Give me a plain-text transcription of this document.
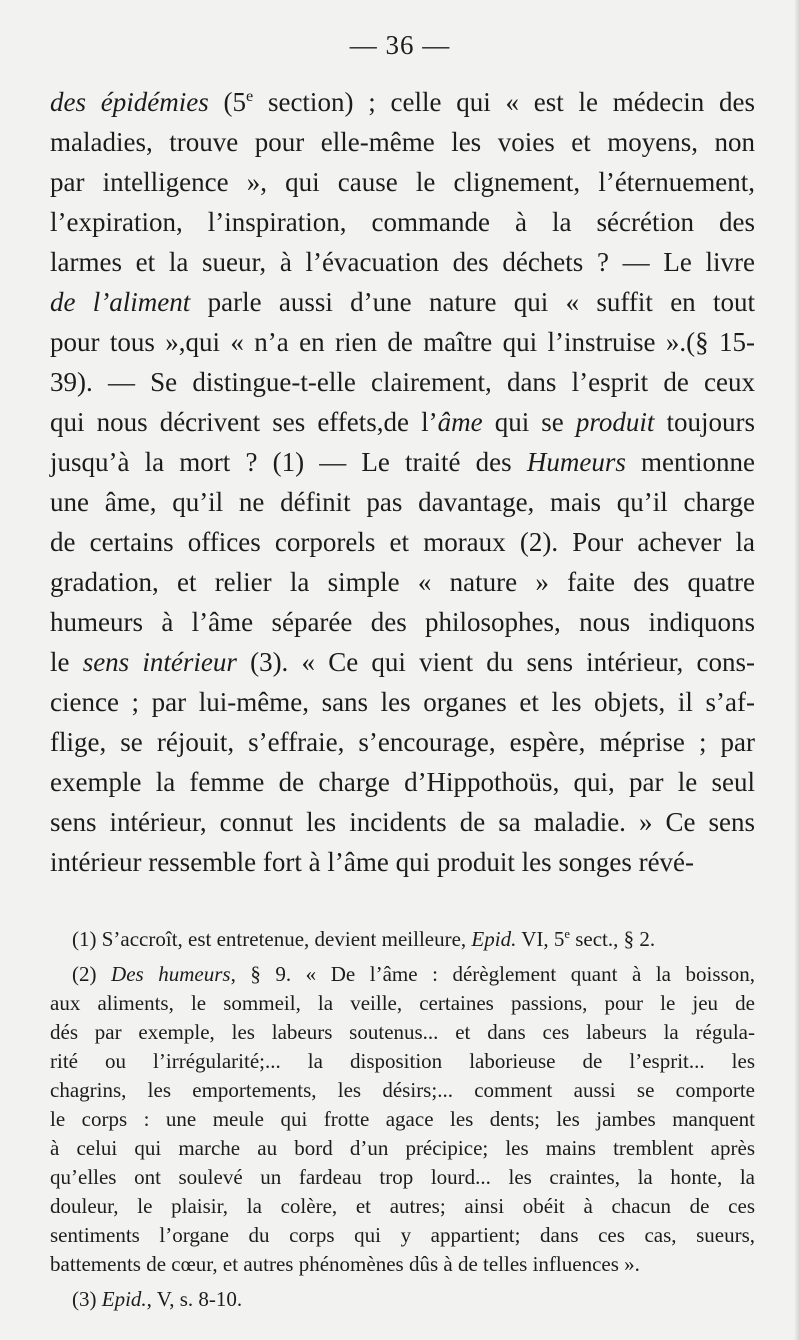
— 36 —
des épidémies (5e section) ; celle qui « est le médecin des
maladies, trouve pour elle-même les voies et moyens, non
par intelligence », qui cause le clignement, l’éternuement,
l’expiration, l’inspiration, commande à la sécrétion des
larmes et la sueur, à l’évacuation des déchets ? — Le livre
de l’aliment parle aussi d’une nature qui « suffit en tout
pour tous »,qui « n’a en rien de maître qui l’instruise ».(§ 15-
39). — Se distingue-t-elle clairement, dans l’esprit de ceux
qui nous décrivent ses effets,de l’âme qui se produit toujours
jusqu’à la mort ? (1) — Le traité des Humeurs mentionne
une âme, qu’il ne définit pas davantage, mais qu’il charge
de certains offices corporels et moraux (2). Pour achever la
gradation, et relier la simple « nature » faite des quatre
humeurs à l’âme séparée des philosophes, nous indiquons
le sens intérieur (3). « Ce qui vient du sens intérieur, cons-
cience ; par lui-même, sans les organes et les objets, il s’af-
flige, se réjouit, s’effraie, s’encourage, espère, méprise ; par
exemple la femme de charge d’Hippothoüs, qui, par le seul
sens intérieur, connut les incidents de sa maladie. » Ce sens
intérieur ressemble fort à l’âme qui produit les songes révé-
(1) S’accroît, est entretenue, devient meilleure, Epid. VI, 5e sect., § 2.
(2) Des humeurs, § 9. « De l’âme : dérèglement quant à la boisson,
aux aliments, le sommeil, la veille, certaines passions, pour le jeu de
dés par exemple, les labeurs soutenus... et dans ces labeurs la régula-
rité ou l’irrégularité;... la disposition laborieuse de l’esprit... les
chagrins, les emportements, les désirs;... comment aussi se comporte
le corps : une meule qui frotte agace les dents; les jambes manquent
à celui qui marche au bord d’un précipice; les mains tremblent après
qu’elles ont soulevé un fardeau trop lourd... les craintes, la honte, la
douleur, le plaisir, la colère, et autres; ainsi obéit à chacun de ces
sentiments l’organe du corps qui y appartient; dans ces cas, sueurs,
battements de cœur, et autres phénomènes dûs à de telles influences ».
(3) Epid., V, s. 8-10.
